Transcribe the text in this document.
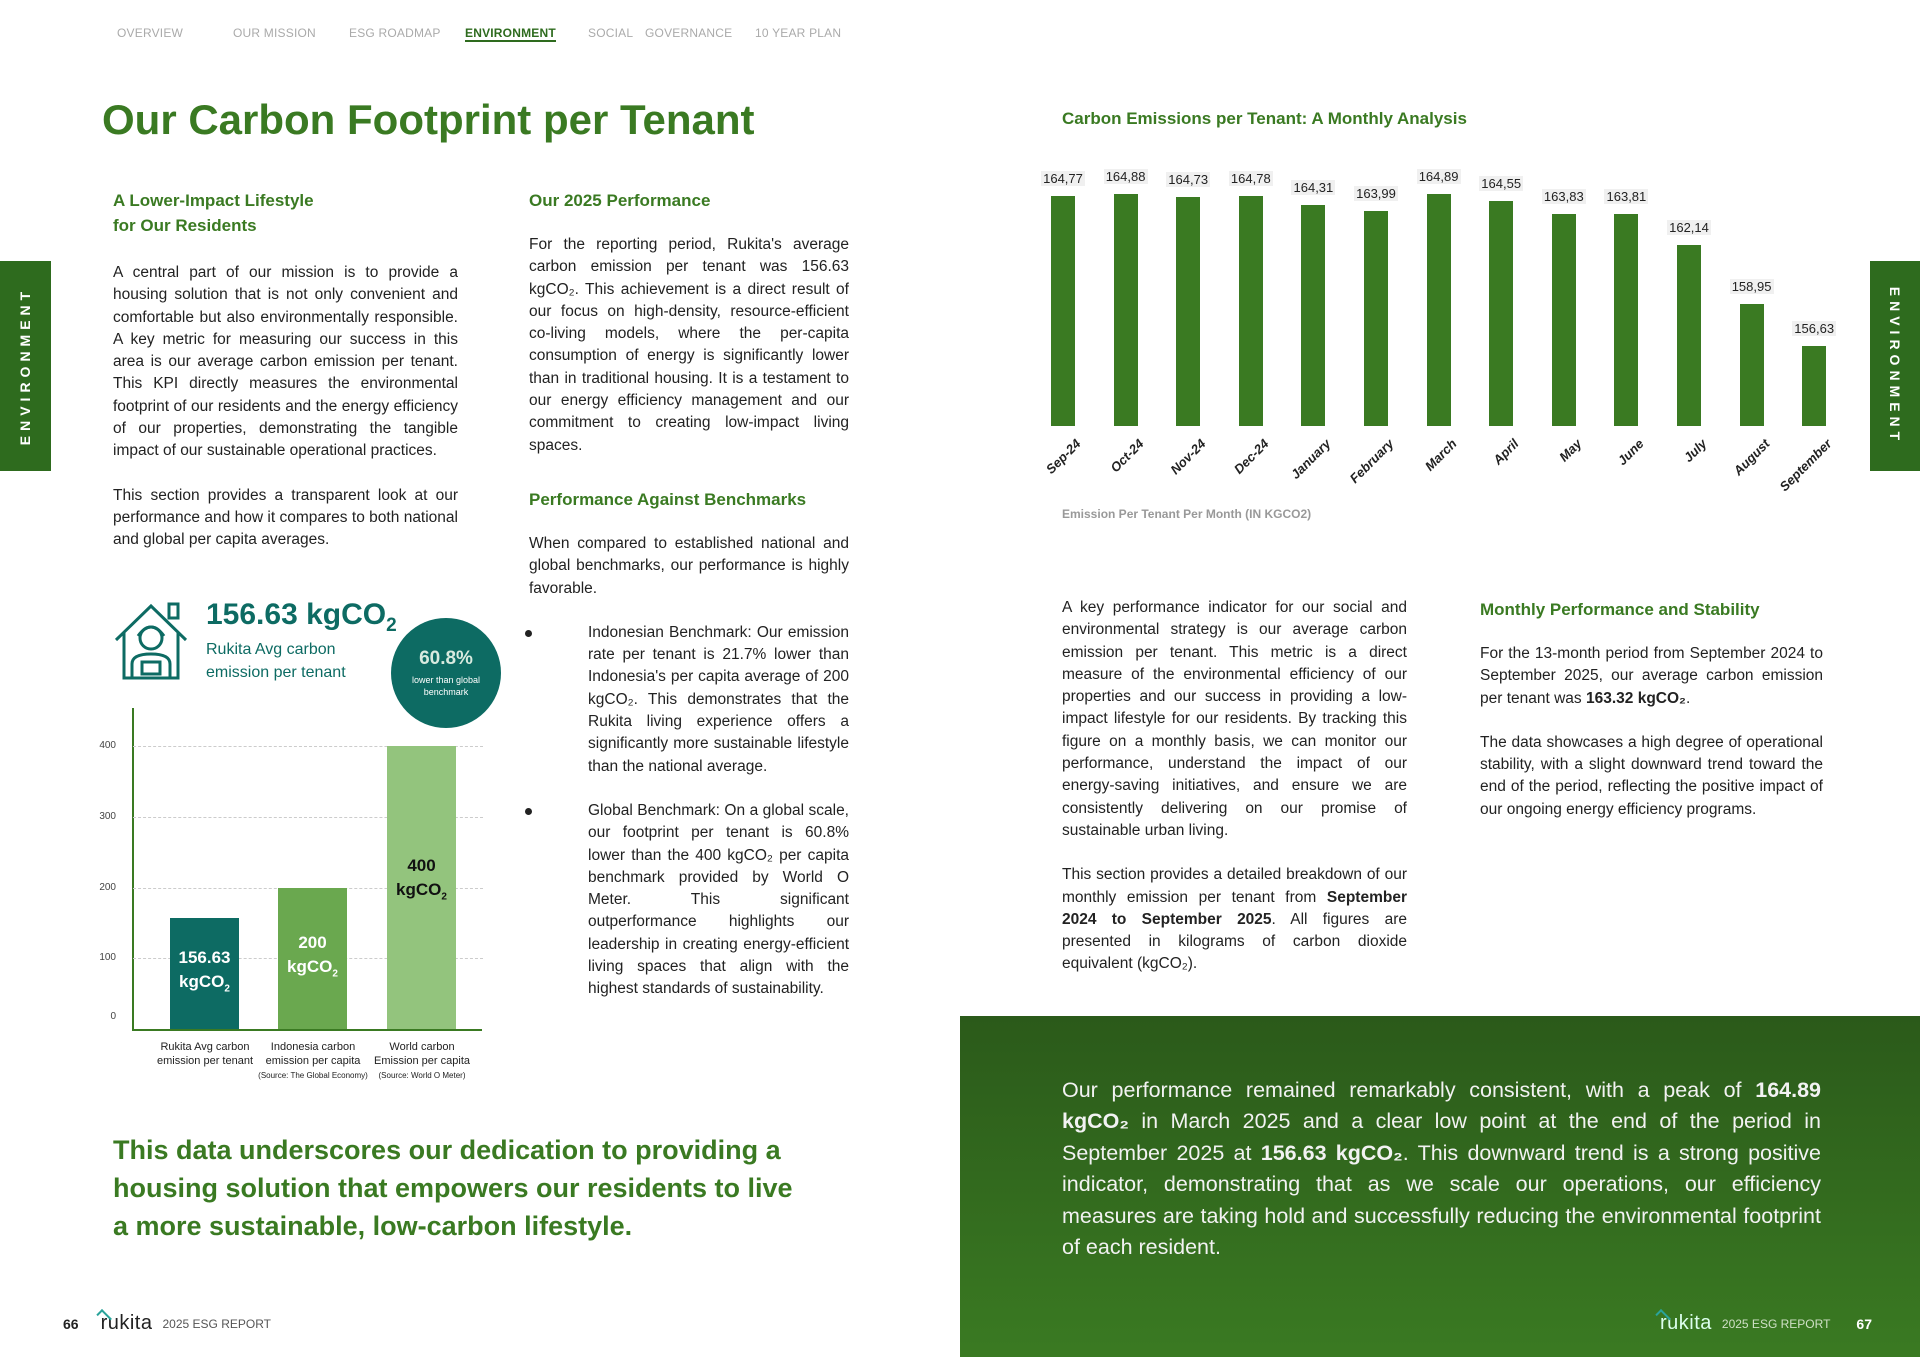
OVERVIEW	OUR MISSION	ESG ROADMAP ENVIRONMENT	SOCIAL GOVERNANCE 10 YEAR PLAN
ENVIRONMENT	ENVIRONMENT
Our Carbon Footprint per Tenant
A Lower-Impact Lifestyle
for Our Residents

A central part of our mission is to provide a housing solution that is not only convenient and comfortable but also environmentally responsible. A key metric for measuring our success in this area is our average carbon emission per tenant. This KPI directly measures the environmental footprint of our residents and the energy efficiency of our properties, demonstrating the tangible impact of our sustainable operational practices.

This section provides a transparent look at our performance and how it compares to both national and global per capita averages.

Our 2025 Performance

For the reporting period, Rukita's average carbon emission per tenant was 156.63 kgCO₂. This achievement is a direct result of our focus on high-density, resource-efficient co-living models, where the per-capita consumption of energy is significantly lower than in traditional housing. It is a testament to our energy efficiency management and our commitment to creating low-impact living spaces.

Performance Against Benchmarks

When compared to established national and global benchmarks, our performance is highly favorable.

Indonesian Benchmark: Our emission rate per tenant is 21.7% lower than Indonesia's per capita average of 200 kgCO₂. This demonstrates that the Rukita living experience offers a significantly more sustainable lifestyle than the national average.
Global Benchmark: On a global scale, our footprint per tenant is 60.8% lower than the 400 kgCO₂ per capita benchmark provided by World O Meter. This significant outperformance highlights our leadership in creating energy-efficient living spaces that align with the highest standards of sustainability.
156.63 kgCO$_2$
Rukita Avg carbon
emission per tenant
60.8%
lower than global
benchmark
0
100
200
300
400
156.63
kgCO$_2$
Rukita Avg carbon emission per tenant
200
kgCO$_2$
Indonesia carbon emission per capita (Source: The Global Economy)
400
kgCO$_2$
World carbon Emission per capita (Source: World O Meter)
This data underscores our dedication to providing a housing solution that empowers our residents to live a more sustainable, low-carbon lifestyle.
66 rukita 2025 ESG REPORT
Carbon Emissions per Tenant: A Monthly Analysis
164,77
Sep-24
164,88
Oct-24
164,73
Nov-24
164,78
Dec-24
164,31
January
163,99
February
164,89
March
164,55
April
163,83
May
163,81
June
162,14
July
158,95
August
156,63
September
Emission Per Tenant Per Month (IN KGCO2)

A key performance indicator for our social and environmental strategy is our average carbon emission per tenant. This metric is a direct measure of the environmental efficiency of our properties and our success in providing a low-impact lifestyle for our residents. By tracking this figure on a monthly basis, we can monitor our performance, understand the impact of our energy-saving initiatives, and ensure we are consistently delivering on our promise of sustainable urban living.

This section provides a detailed breakdown of our monthly emission per tenant from September 2024 to September 2025. All figures are presented in kilograms of carbon dioxide equivalent (kgCO₂).

Monthly Performance and Stability

For the 13-month period from September 2024 to September 2025, our average carbon emission per tenant was 163.32 kgCO₂.

The data showcases a high degree of operational stability, with a slight downward trend toward the end of the period, reflecting the positive impact of our ongoing energy efficiency programs.

Our performance remained remarkably consistent, with a peak of 164.89 kgCO₂ in March 2025 and a clear low point at the end of the period in September 2025 at 156.63 kgCO₂. This downward trend is a strong positive indicator, demonstrating that as we scale our operations, our efficiency measures are taking hold and successfully reducing the environmental footprint of each resident.
rukita 2025 ESG REPORT 67
